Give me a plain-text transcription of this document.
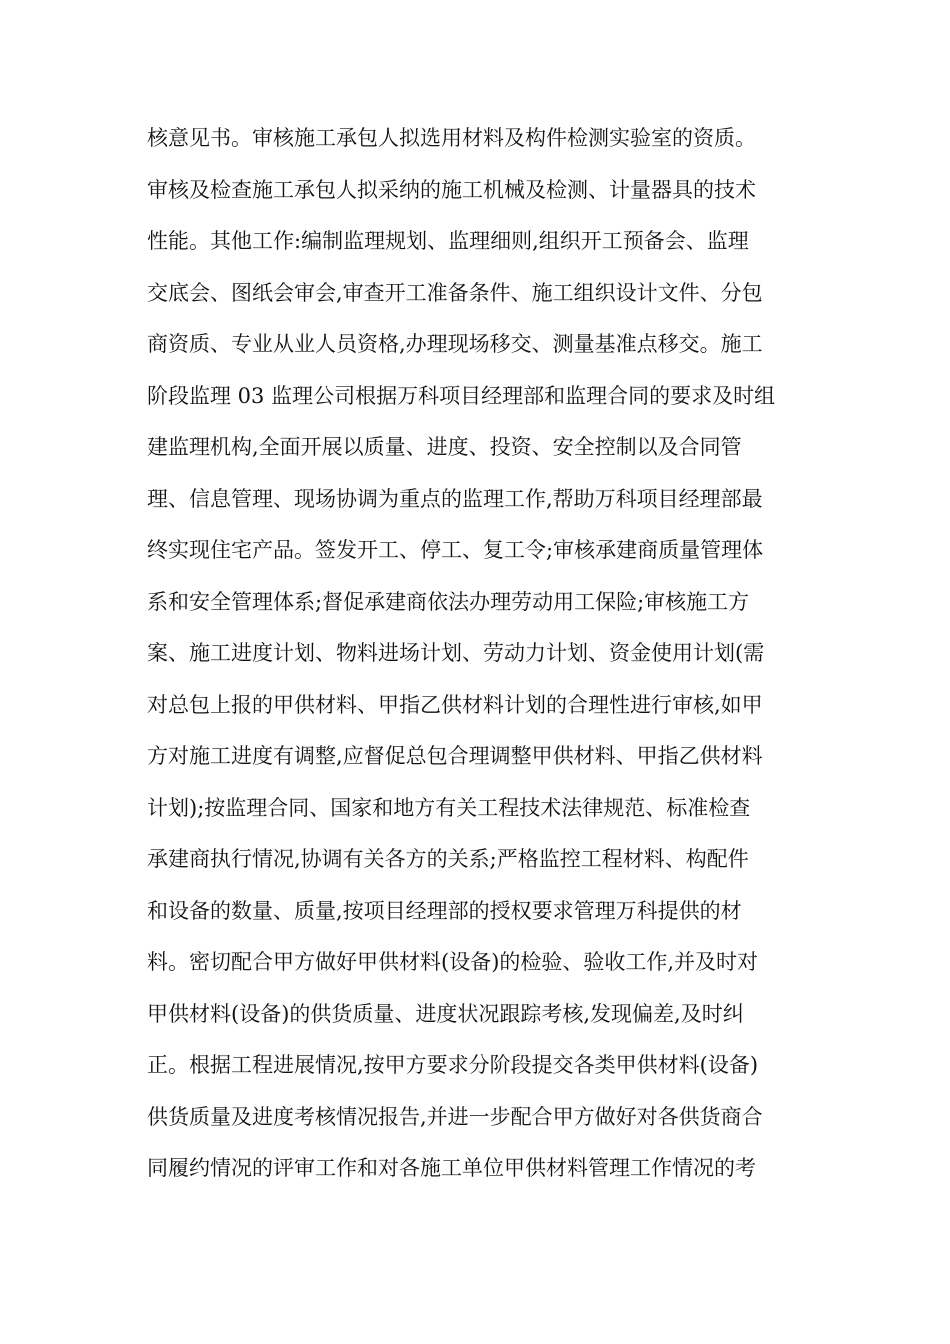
核意见书。审核施工承包人拟选用材料及构件检测实验室的资质。
审核及检查施工承包人拟采纳的施工机械及检测、计量器具的技术
性能。其他工作:编制监理规划、监理细则,组织开工预备会、监理
交底会、图纸会审会,审查开工准备条件、施工组织设计文件、分包
商资质、专业从业人员资格,办理现场移交、测量基准点移交。施工
阶段监理 03 监理公司根据万科项目经理部和监理合同的要求及时组
建监理机构,全面开展以质量、进度、投资、安全控制以及合同管
理、信息管理、现场协调为重点的监理工作,帮助万科项目经理部最
终实现住宅产品。签发开工、停工、复工令;审核承建商质量管理体
系和安全管理体系;督促承建商依法办理劳动用工保险;审核施工方
案、施工进度计划、物料进场计划、劳动力计划、资金使用计划(需
对总包上报的甲供材料、甲指乙供材料计划的合理性进行审核,如甲
方对施工进度有调整,应督促总包合理调整甲供材料、甲指乙供材料
计划);按监理合同、国家和地方有关工程技术法律规范、标准检查
承建商执行情况,协调有关各方的关系;严格监控工程材料、构配件
和设备的数量、质量,按项目经理部的授权要求管理万科提供的材
料。密切配合甲方做好甲供材料(设备)的检验、验收工作,并及时对
甲供材料(设备)的供货质量、进度状况跟踪考核,发现偏差,及时纠
正。根据工程进展情况,按甲方要求分阶段提交各类甲供材料(设备)
供货质量及进度考核情况报告,并进一步配合甲方做好对各供货商合
同履约情况的评审工作和对各施工单位甲供材料管理工作情况的考
